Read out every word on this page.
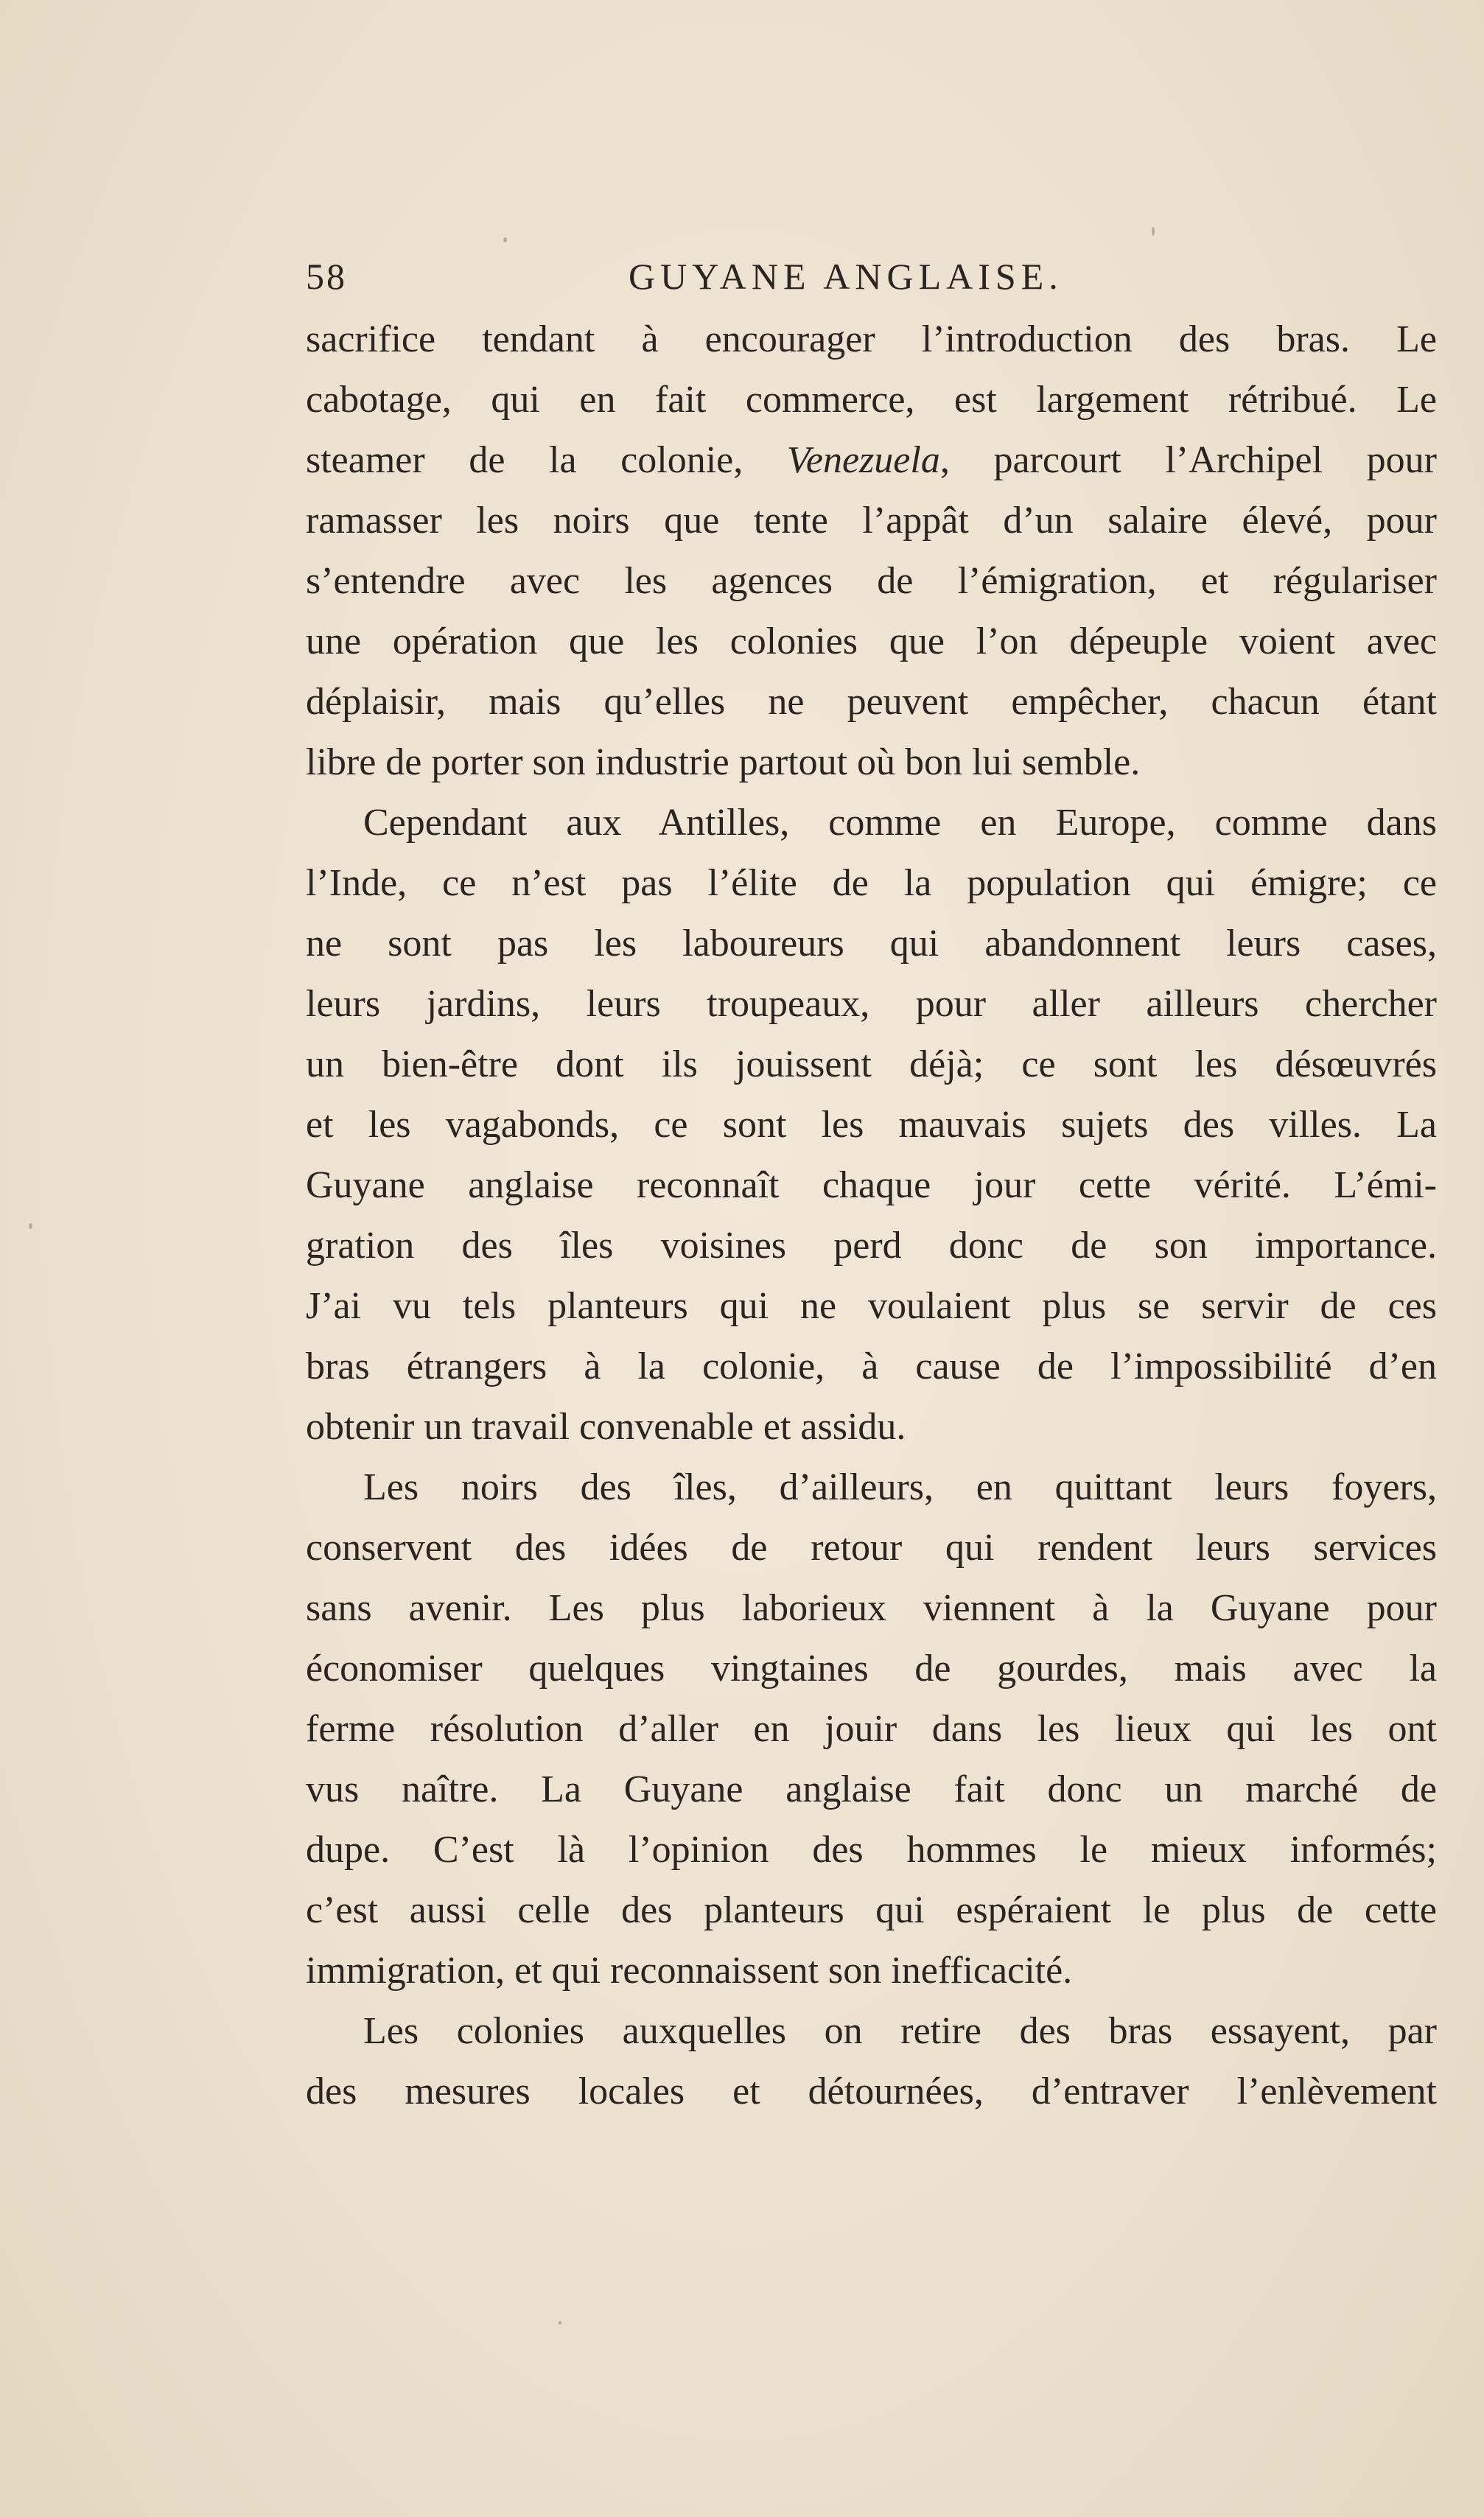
58	GUYANE ANGLAISE.
sacrifice tendant à encourager l’introduction des bras. Le
cabotage, qui en fait commerce, est largement rétribué. Le
steamer de la colonie, Venezuela, parcourt l’Archipel pour
ramasser les noirs que tente l’appât d’un salaire élevé, pour
s’entendre avec les agences de l’émigration, et régulariser
une opération que les colonies que l’on dépeuple voient avec
déplaisir, mais qu’elles ne peuvent empêcher, chacun étant
libre de porter son industrie partout où bon lui semble.
Cependant aux Antilles, comme en Europe, comme dans
l’Inde, ce n’est pas l’élite de la population qui émigre; ce
ne sont pas les laboureurs qui abandonnent leurs cases,
leurs jardins, leurs troupeaux, pour aller ailleurs chercher
un bien-être dont ils jouissent déjà; ce sont les désœuvrés
et les vagabonds, ce sont les mauvais sujets des villes. La
Guyane anglaise reconnaît chaque jour cette vérité. L’émi-
gration des îles voisines perd donc de son importance.
J’ai vu tels planteurs qui ne voulaient plus se servir de ces
bras étrangers à la colonie, à cause de l’impossibilité d’en
obtenir un travail convenable et assidu.
Les noirs des îles, d’ailleurs, en quittant leurs foyers,
conservent des idées de retour qui rendent leurs services
sans avenir. Les plus laborieux viennent à la Guyane pour
économiser quelques vingtaines de gourdes, mais avec la
ferme résolution d’aller en jouir dans les lieux qui les ont
vus naître. La Guyane anglaise fait donc un marché de
dupe. C’est là l’opinion des hommes le mieux informés;
c’est aussi celle des planteurs qui espéraient le plus de cette
immigration, et qui reconnaissent son inefficacité.
Les colonies auxquelles on retire des bras essayent, par
des mesures locales et détournées, d’entraver l’enlèvement
